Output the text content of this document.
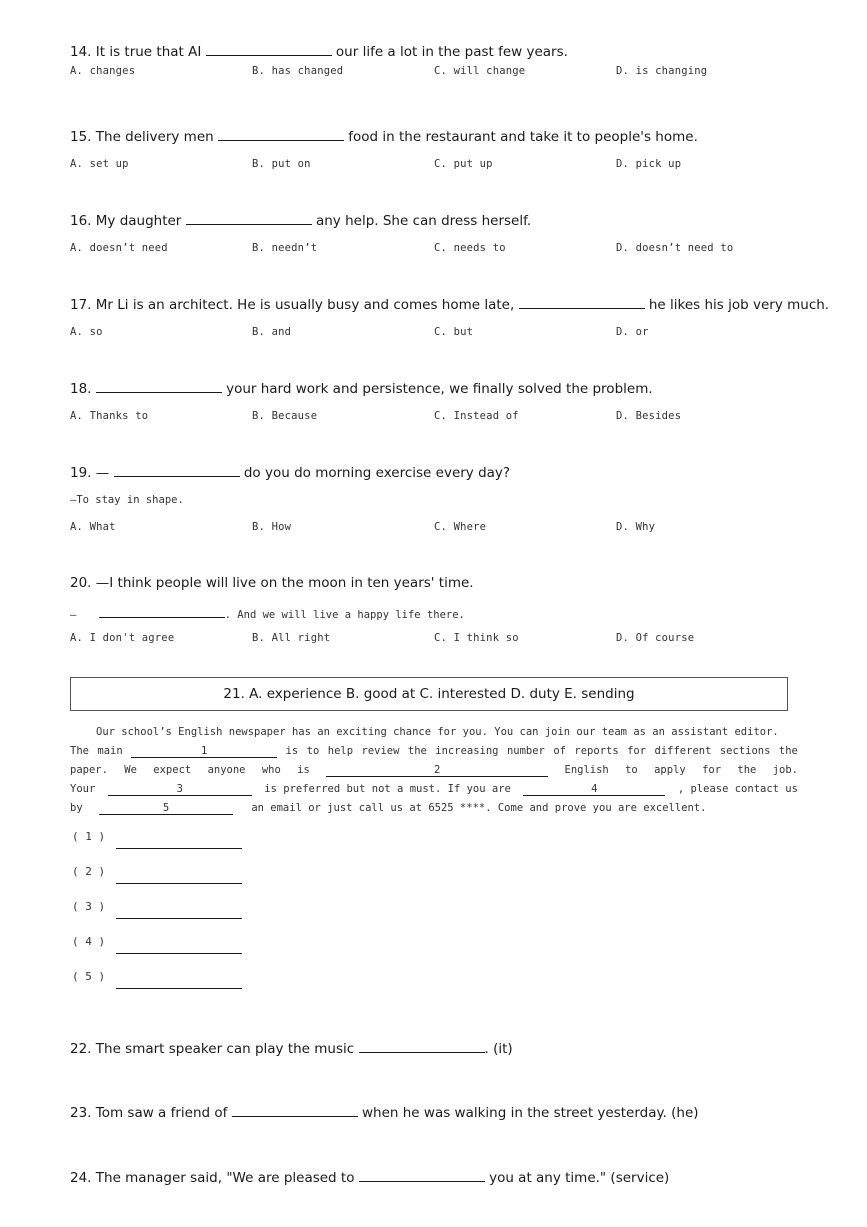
14. It is true that AI	our life a lot in the past few years.
A. changes	B. has changed	C. will change	D. is changing
15. The delivery men	food in the restaurant and take it to people's home.
A. set up	B. put on	C. put up	D. pick up
16. My daughter	any help. She can dress herself.
A. doesn’t need	B. needn’t	C. needs to	D. doesn’t need to
17. Mr Li is an architect. He is usually busy and comes home late,	he likes his job very much.
A. so	B. and	C. but	D. or
18.	your hard work and persistence, we finally solved the problem.
A. Thanks to	B. Because	C. Instead of	D. Besides
19. —	do you do morning exercise every day?
—To stay in shape.
A. What	B. How	C. Where	D. Why
20. —I think people will live on the moon in ten years' time.
—	. And we will live a happy life there.
A. I don't agree	B. All right	C. I think so	D. Of course
21. A. experience B. good at C. interested D. duty E. sending
Our school’s English newspaper has an exciting chance for you. You can join our team as an assistant editor.
The main	1	is to help review the increasing number of reports for different sections the
paper. We expect anyone who is	2	English to apply for the job.
Your	3	is preferred but not a must. If you are	4	, please contact us
by	5	an email or just call us at 6525 ****. Come and prove you are excellent.
( 1 )
( 2 )
( 3 )
( 4 )
( 5 )
22. The smart speaker can play the music	. (it)
23. Tom saw a friend of	when he was walking in the street yesterday. (he)
24. The manager said, "We are pleased to	you at any time." (service)
